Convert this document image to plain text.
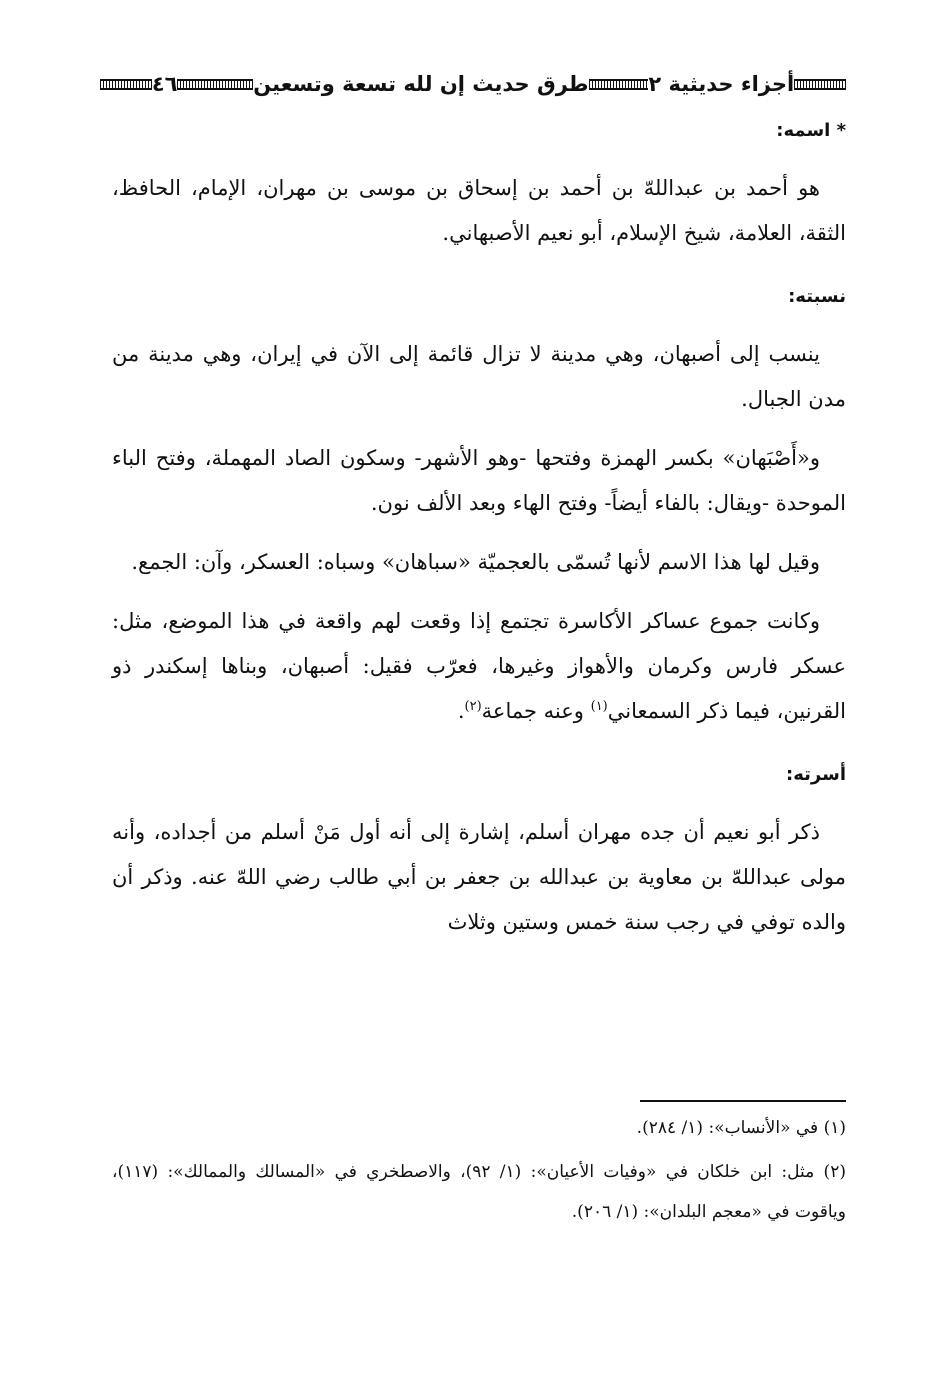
أجزاء حديثية ٢
طرق حديث إن لله تسعة وتسعين
٤٦

* اسمه:

هو أحمد بن عبداللهّ بن أحمد بن إسحاق بن موسى بن مهران، الإمام، الحافظ، الثقة، العلامة، شيخ الإسلام، أبو نعيم الأصبهاني.

نسبته:

ينسب إلى أصبهان، وهي مدينة لا تزال قائمة إلى الآن في إيران، وهي مدينة من مدن الجبال.

و«أَصْبَهان» بكسر الهمزة وفتحها -وهو الأشهر- وسكون الصاد المهملة، وفتح الباء الموحدة -ويقال: بالفاء أيضاً- وفتح الهاء وبعد الألف نون.

وقيل لها هذا الاسم لأنها تُسمّى بالعجميّة «سباهان» وسباه: العسكر، وآن: الجمع.

وكانت جموع عساكر الأكاسرة تجتمع إذا وقعت لهم واقعة في هذا الموضع، مثل: عسكر فارس وكرمان والأهواز وغيرها، فعرّب فقيل: أصبهان، وبناها إسكندر ذو القرنين، فيما ذكر السمعاني$^{(١)}$ وعنه جماعة$^{(٢)}$.

أسرته:

ذكر أبو نعيم أن جده مهران أسلم، إشارة إلى أنه أول مَنْ أسلم من أجداده، وأنه مولى عبداللهّ بن معاوية بن عبدالله بن جعفر بن أبي طالب رضي اللهّ عنه. وذكر أن والده توفي في رجب سنة خمس وستين وثلاث

(١) في «الأنساب»: (١/ ٢٨٤).

(٢) مثل: ابن خلكان في «وفيات الأعيان»: (١/ ٩٢)، والاصطخري في «المسالك والممالك»: (١١٧)، وياقوت في «معجم البلدان»: (١/ ٢٠٦).
